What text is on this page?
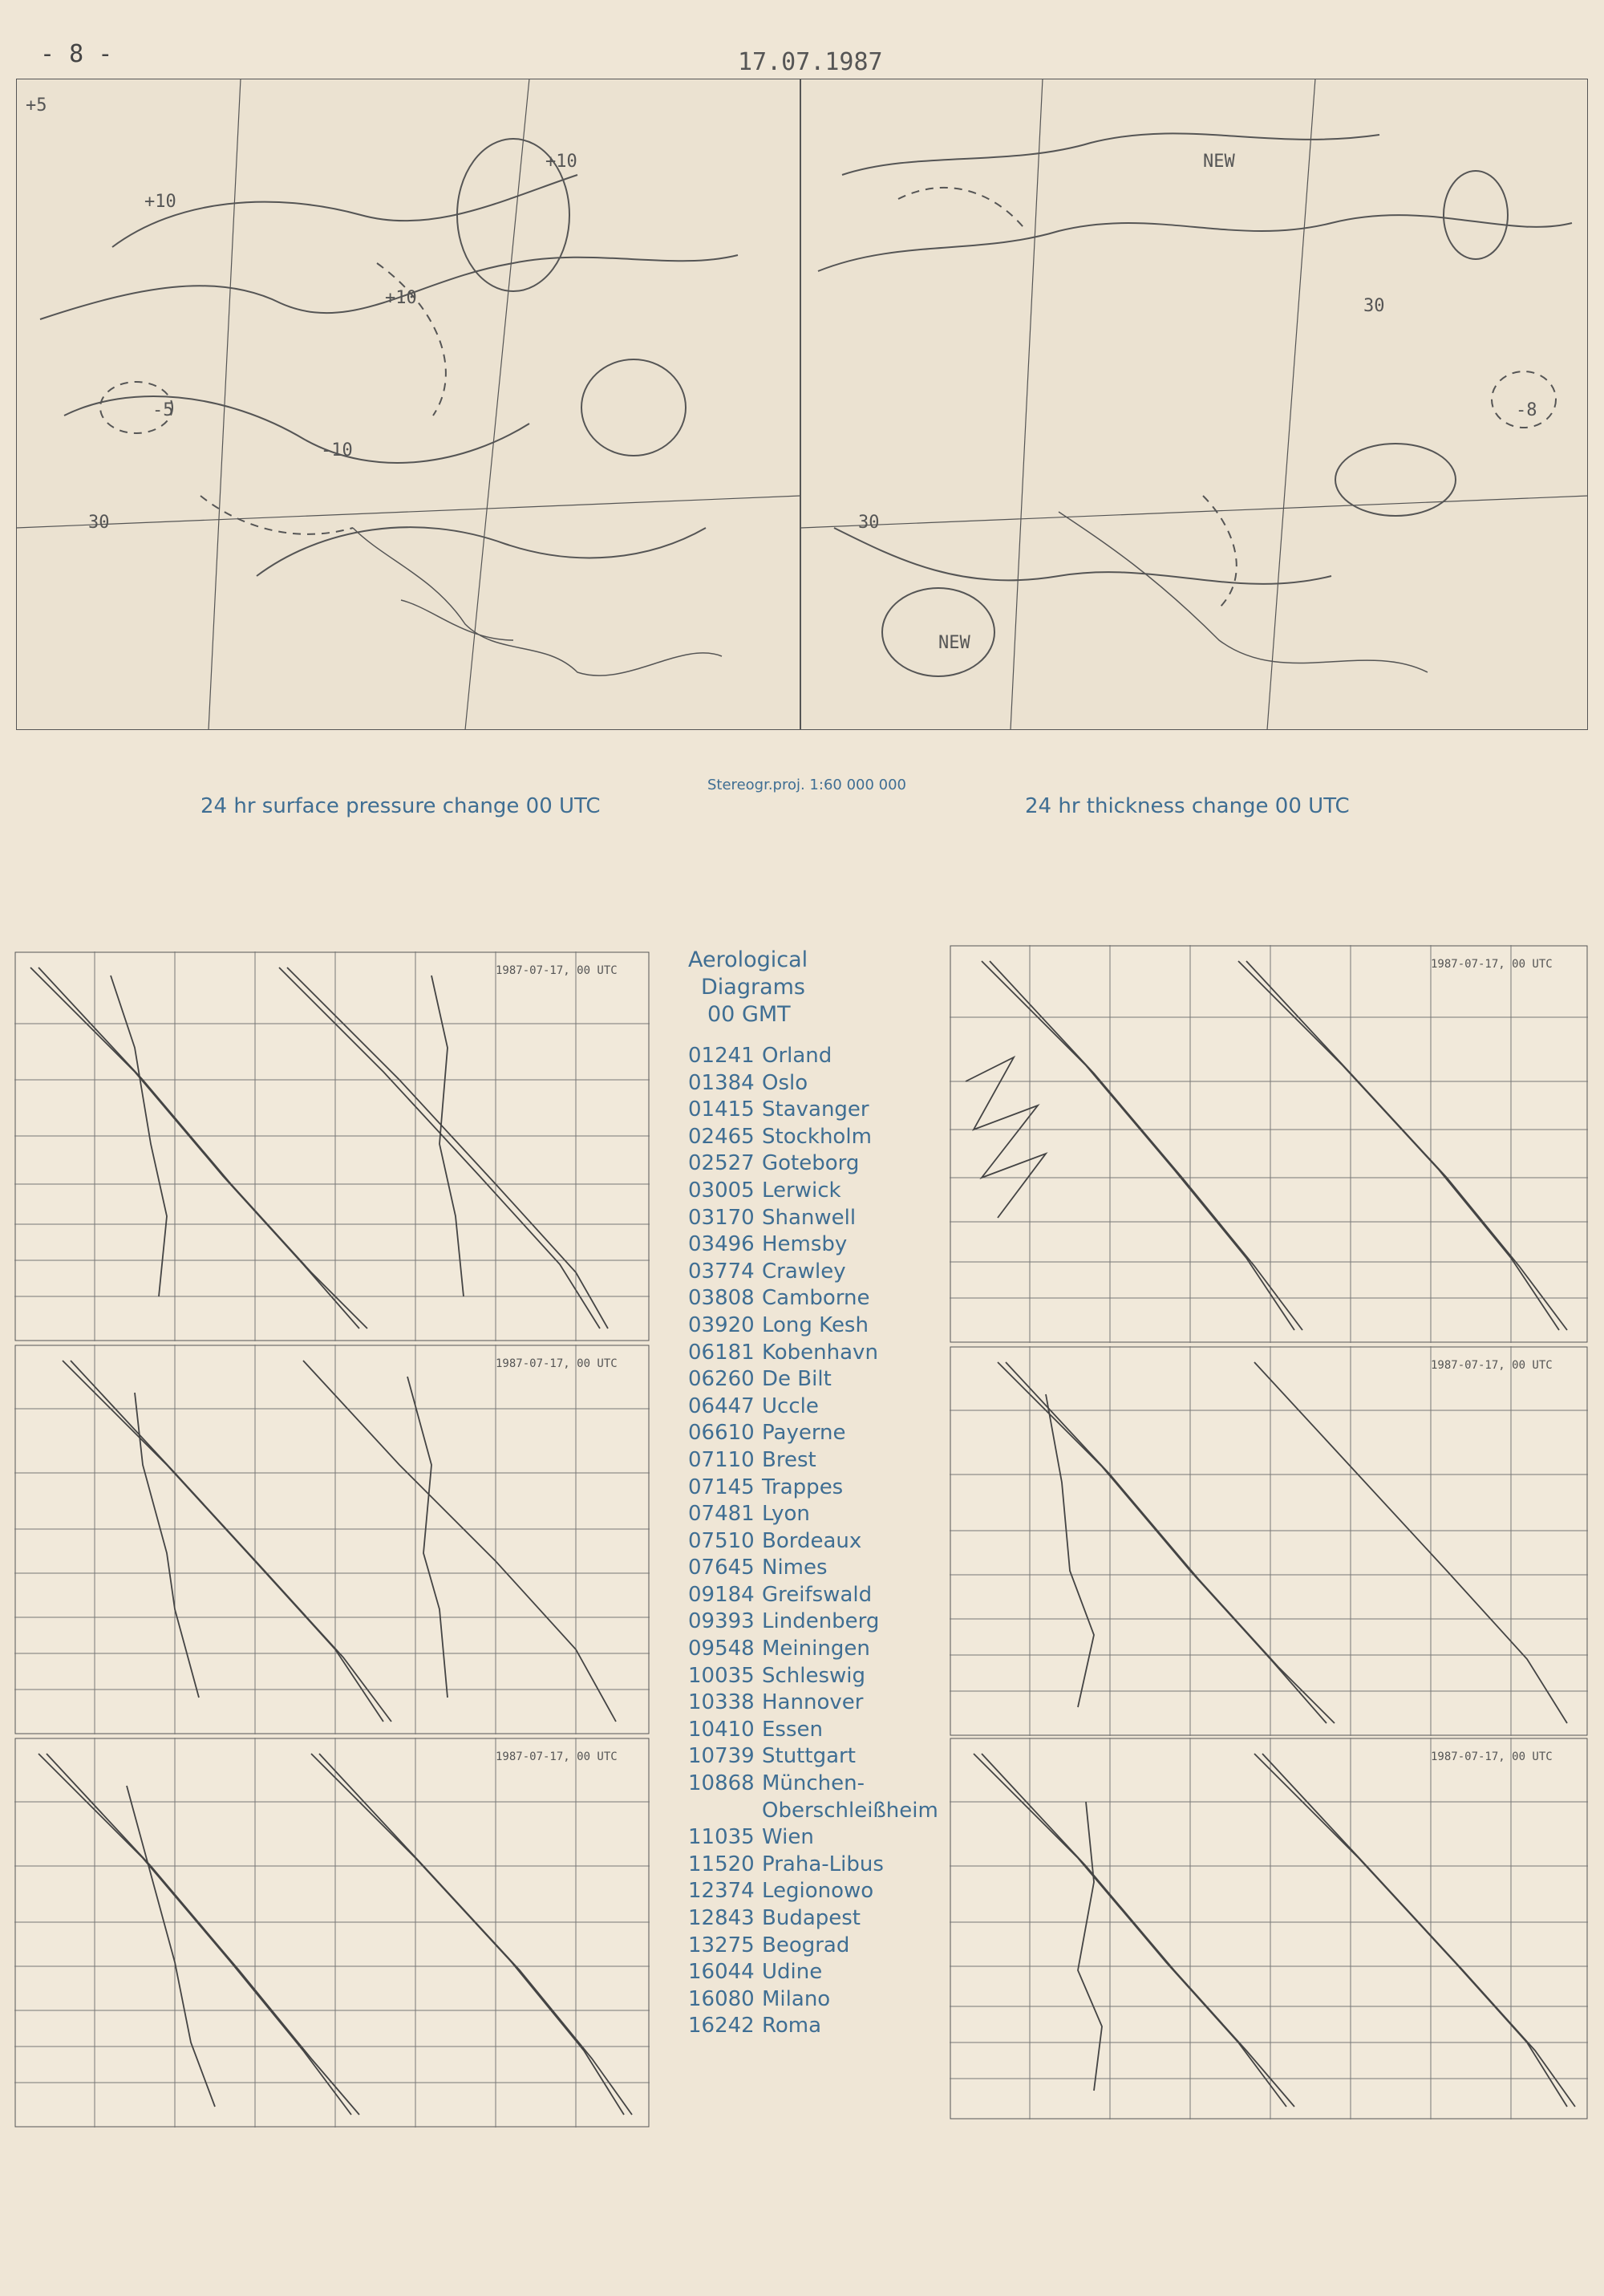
- 8 -	17.07.1987
+5
+10
+10
+10
-10
-5
30
NEW
NEW
30
30
-8
24 hr surface pressure change 00 UTC
Stereogr.proj. 1:60 000 000
24 hr thickness change 00 UTC
1987-07-17, 00 UTC
1987-07-17, 00 UTC
1987-07-17, 00 UTC
Aerological
Diagrams
00 GMT
01241 Orland
01384 Oslo
01415 Stavanger
02465 Stockholm
02527 Goteborg
03005 Lerwick
03170 Shanwell
03496 Hemsby
03774 Crawley
03808 Camborne
03920 Long Kesh
06181 Kobenhavn
06260 De Bilt
06447 Uccle
06610 Payerne
07110 Brest
07145 Trappes
07481 Lyon
07510 Bordeaux
07645 Nimes
09184 Greifswald
09393 Lindenberg
09548 Meiningen
10035 Schleswig
10338 Hannover
10410 Essen
10739 Stuttgart
10868 München-
Oberschleißheim
11035 Wien
11520 Praha-Libus
12374 Legionowo
12843 Budapest
13275 Beograd
16044 Udine
16080 Milano
16242 Roma
1987-07-17, 00 UTC
1987-07-17, 00 UTC
1987-07-17, 00 UTC
